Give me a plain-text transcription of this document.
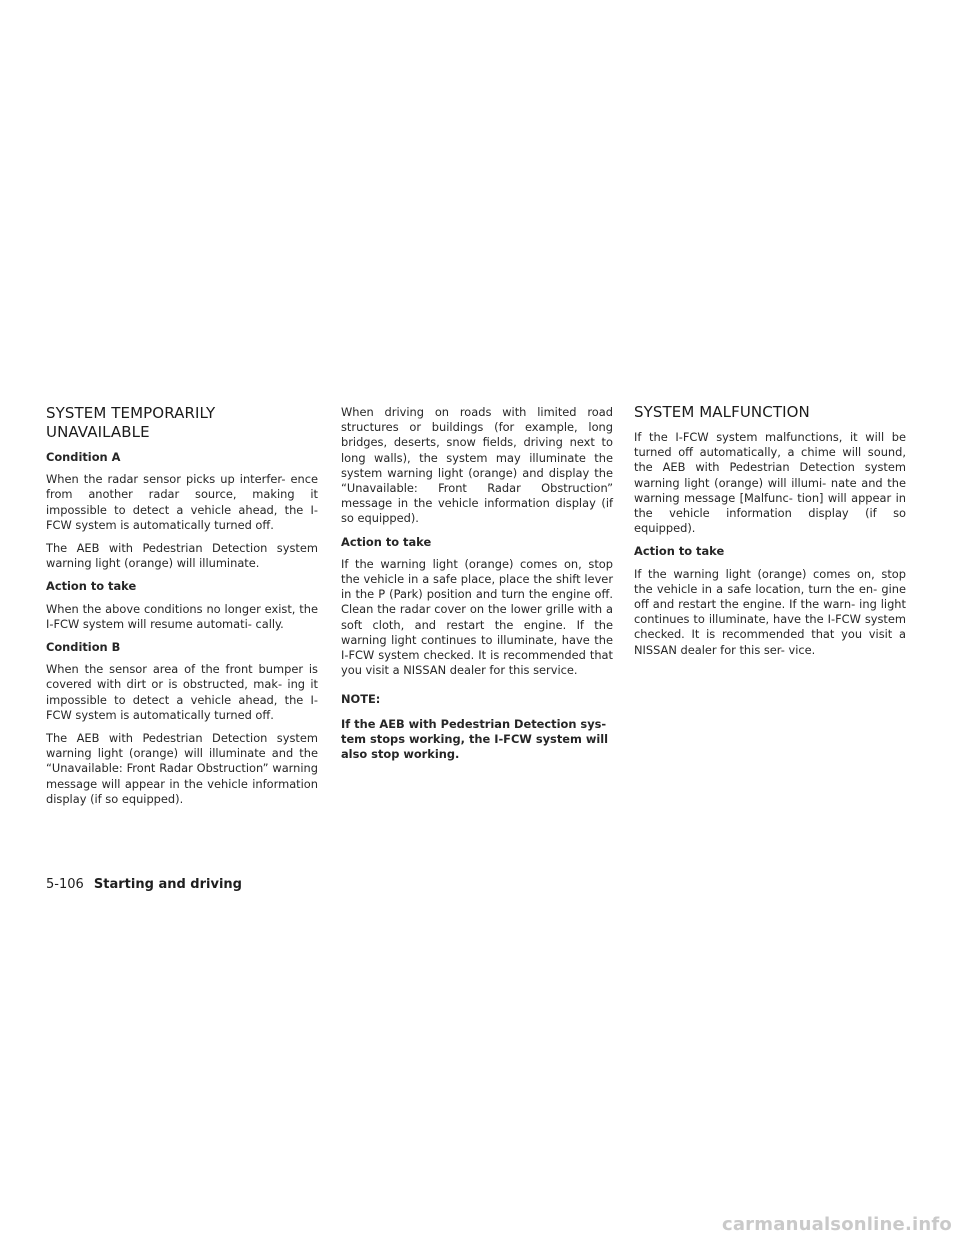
SYSTEM TEMPORARILY
UNAVAILABLE

Condition A

When the radar sensor picks up interfer- ence from another radar source, making it impossible to detect a vehicle ahead, the I-FCW system is automatically turned off.

The AEB with Pedestrian Detection system warning light (orange) will illuminate.

Action to take

When the above conditions no longer exist, the I-FCW system will resume automati- cally.

Condition B

When the sensor area of the front bumper is covered with dirt or is obstructed, mak- ing it impossible to detect a vehicle ahead, the I-FCW system is automatically turned off.

The AEB with Pedestrian Detection system warning light (orange) will illuminate and the “Unavailable: Front Radar Obstruction” warning message will appear in the vehicle information display (if so equipped).

When driving on roads with limited road structures or buildings (for example, long bridges, deserts, snow fields, driving next to long walls), the system may illuminate the system warning light (orange) and display the “Unavailable: Front Radar Obstruction” message in the vehicle information display (if so equipped).

Action to take

If the warning light (orange) comes on, stop the vehicle in a safe place, place the shift lever in the P (Park) position and turn the engine off. Clean the radar cover on the lower grille with a soft cloth, and restart the engine. If the warning light continues to illuminate, have the I-FCW system checked. It is recommended that you visit a NISSAN dealer for this service.

NOTE:

If the AEB with Pedestrian Detection sys- tem stops working, the I-FCW system will also stop working.

SYSTEM MALFUNCTION

If the I-FCW system malfunctions, it will be turned off automatically, a chime will sound, the AEB with Pedestrian Detection system warning light (orange) will illumi- nate and the warning message [Malfunc- tion] will appear in the vehicle information display (if so equipped).

Action to take

If the warning light (orange) comes on, stop the vehicle in a safe location, turn the en- gine off and restart the engine. If the warn- ing light continues to illuminate, have the I-FCW system checked. It is recommended that you visit a NISSAN dealer for this ser- vice.

5-106 Starting and driving
carmanualsonline.info
